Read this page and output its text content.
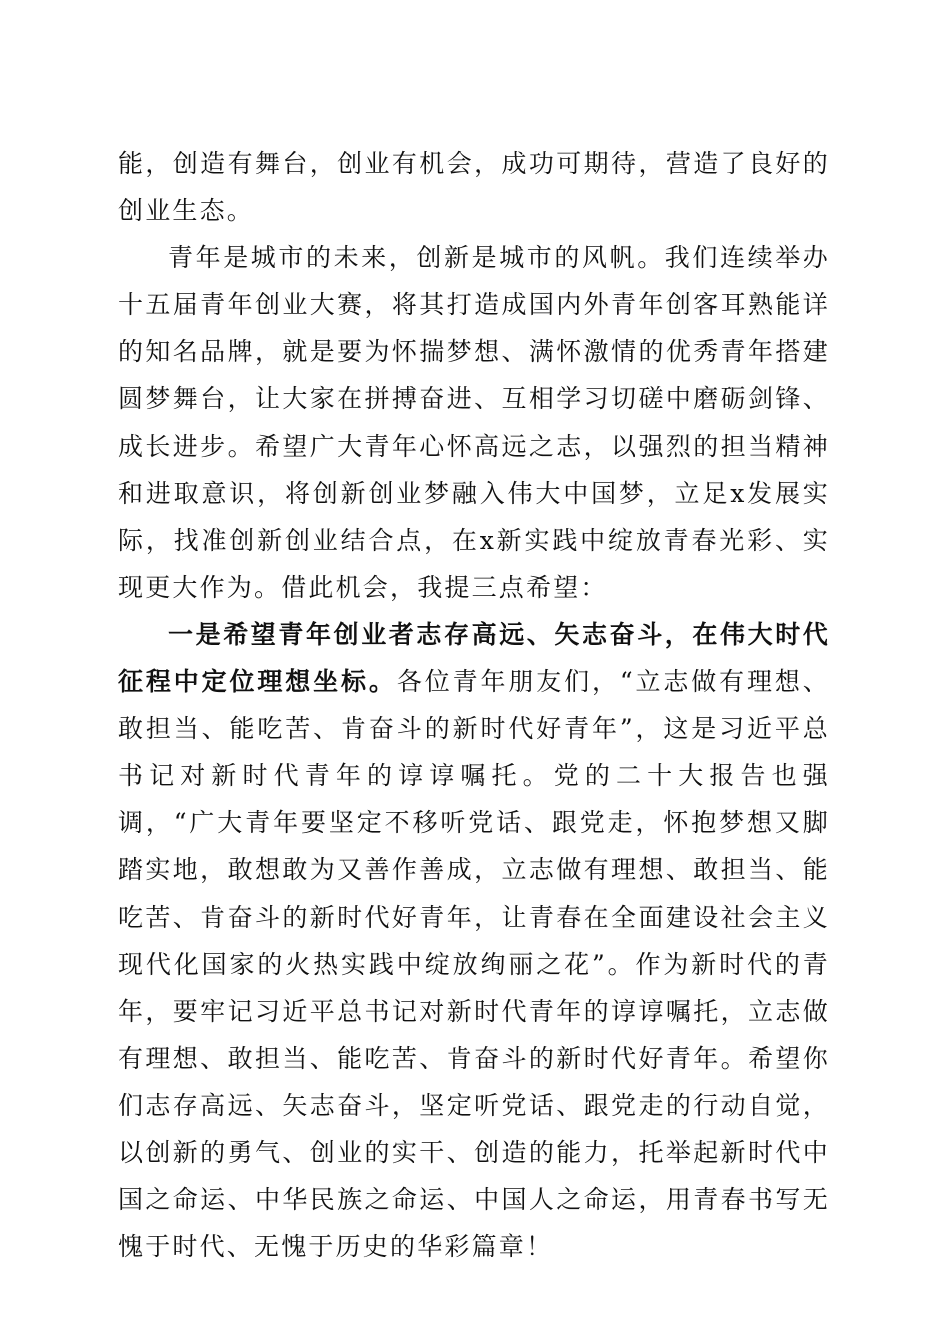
能，创造有舞台，创业有机会，成功可期待，营造了良好的创业生态。

青年是城市的未来，创新是城市的风帆。我们连续举办十五届青年创业大赛，将其打造成国内外青年创客耳熟能详的知名品牌，就是要为怀揣梦想、满怀激情的优秀青年搭建圆梦舞台，让大家在拼搏奋进、互相学习切磋中磨砺剑锋、成长进步。希望广大青年心怀高远之志，以强烈的担当精神和进取意识，将创新创业梦融入伟大中国梦，立足x发展实际，找准创新创业结合点，在x新实践中绽放青春光彩、实现更大作为。借此机会，我提三点希望：

一是希望青年创业者志存高远、矢志奋斗，在伟大时代征程中定位理想坐标。各位青年朋友们，“立志做有理想、敢担当、能吃苦、肯奋斗的新时代好青年”，这是习近平总书记对新时代青年的谆谆嘱托。党的二十大报告也强调，“广大青年要坚定不移听党话、跟党走，怀抱梦想又脚踏实地，敢想敢为又善作善成，立志做有理想、敢担当、能吃苦、肯奋斗的新时代好青年，让青春在全面建设社会主义现代化国家的火热实践中绽放绚丽之花”。作为新时代的青年，要牢记习近平总书记对新时代青年的谆谆嘱托，立志做有理想、敢担当、能吃苦、肯奋斗的新时代好青年。希望你们志存高远、矢志奋斗，坚定听党话、跟党走的行动自觉，以创新的勇气、创业的实干、创造的能力，托举起新时代中国之命运、中华民族之命运、中国人之命运，用青春书写无愧于时代、无愧于历史的华彩篇章！
